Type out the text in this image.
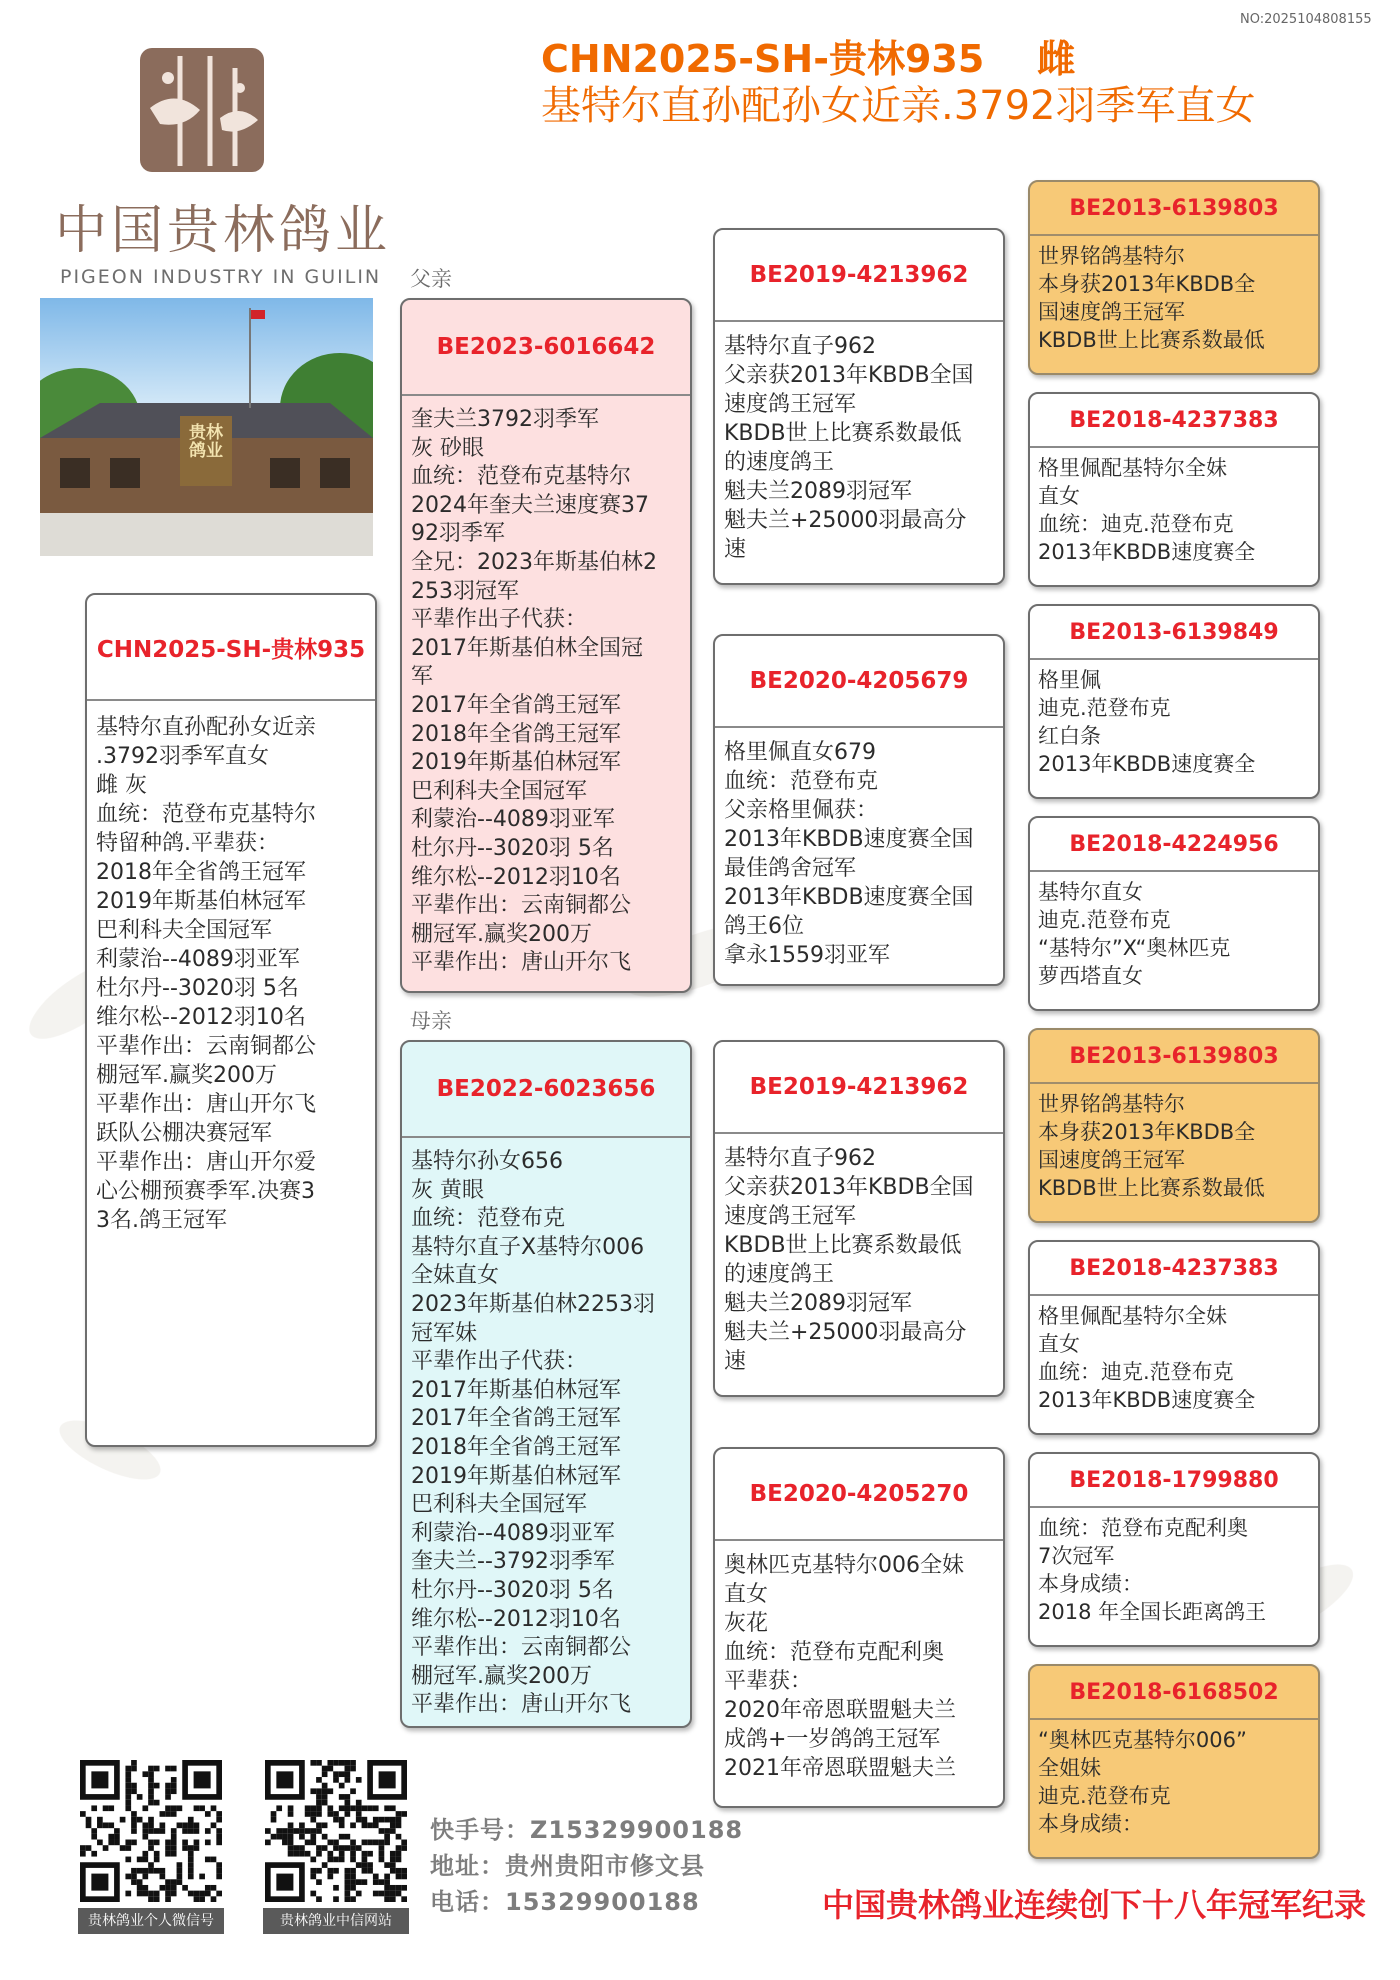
NO:2025104808155
CHN2025-SH-贵林935    雌
基特尔直孙配孙女近亲.3792羽季军直女
中国贵林鸽业
PIGEON INDUSTRY IN GUILIN
贵林鸽业
父亲
母亲
CHN2025-SH-贵林935
基特尔直孙配孙女近亲
.3792羽季军直女
雌 灰
血统：范登布克基特尔
特留种鸽.平辈获：
2018年全省鸽王冠军
2019年斯基伯林冠军
巴利科夫全国冠军
利蒙治--4089羽亚军
杜尔丹--3020羽 5名
维尔松--2012羽10名
平辈作出：云南铜都公
棚冠军.赢奖200万
平辈作出：唐山开尔飞
跃队公棚决赛冠军
平辈作出：唐山开尔爱
心公棚预赛季军.决赛3
3名.鸽王冠军
BE2023-6016642
奎夫兰3792羽季军
灰 砂眼
血统：范登布克基特尔
2024年奎夫兰速度赛37
92羽季军
全兄：2023年斯基伯林2
253羽冠军
平辈作出子代获：
2017年斯基伯林全国冠
军
2017年全省鸽王冠军
2018年全省鸽王冠军
2019年斯基伯林冠军
巴利科夫全国冠军
利蒙治--4089羽亚军
杜尔丹--3020羽 5名
维尔松--2012羽10名
平辈作出：云南铜都公
棚冠军.赢奖200万
平辈作出：唐山开尔飞
BE2022-6023656
基特尔孙女656
灰 黄眼
血统：范登布克
基特尔直子X基特尔006
全妹直女
2023年斯基伯林2253羽
冠军妹
平辈作出子代获：
2017年斯基伯林冠军
2017年全省鸽王冠军
2018年全省鸽王冠军
2019年斯基伯林冠军
巴利科夫全国冠军
利蒙治--4089羽亚军
奎夫兰--3792羽季军
杜尔丹--3020羽 5名
维尔松--2012羽10名
平辈作出：云南铜都公
棚冠军.赢奖200万
平辈作出：唐山开尔飞
BE2019-4213962
基特尔直子962
父亲获2013年KBDB全国
速度鸽王冠军
KBDB世上比赛系数最低
的速度鸽王
魁夫兰2089羽冠军
魁夫兰+25000羽最高分
速
BE2020-4205679
格里佩直女679
血统：范登布克
父亲格里佩获：
2013年KBDB速度赛全国
最佳鸽舍冠军
2013年KBDB速度赛全国
鸽王6位
拿永1559羽亚军
BE2019-4213962
基特尔直子962
父亲获2013年KBDB全国
速度鸽王冠军
KBDB世上比赛系数最低
的速度鸽王
魁夫兰2089羽冠军
魁夫兰+25000羽最高分
速
BE2020-4205270
奥林匹克基特尔006全妹
直女
灰花
血统：范登布克配利奥
平辈获：
2020年帝恩联盟魁夫兰
成鸽+一岁鸽鸽王冠军
2021年帝恩联盟魁夫兰
BE2013-6139803
世界铭鸽基特尔
本身获2013年KBDB全
国速度鸽王冠军
KBDB世上比赛系数最低
BE2018-4237383
格里佩配基特尔全妹
直女
血统：迪克.范登布克
2013年KBDB速度赛全
BE2013-6139849
格里佩
迪克.范登布克
红白条
2013年KBDB速度赛全
BE2018-4224956
基特尔直女
迪克.范登布克
“基特尔”X“奥林匹克
萝西塔直女
BE2013-6139803
世界铭鸽基特尔
本身获2013年KBDB全
国速度鸽王冠军
KBDB世上比赛系数最低
BE2018-4237383
格里佩配基特尔全妹
直女
血统：迪克.范登布克
2013年KBDB速度赛全
BE2018-1799880
血统：范登布克配利奥
7次冠军
本身成绩：
2018 年全国长距离鸽王
BE2018-6168502
“奥林匹克基特尔006”
全姐妹
迪克.范登布克
本身成绩：
贵林鸽业个人微信号	贵林鸽业中信网站
快手号：Z15329900188
地址：贵州贵阳市修文县
电话：15329900188	中国贵林鸽业连续创下十八年冠军纪录
